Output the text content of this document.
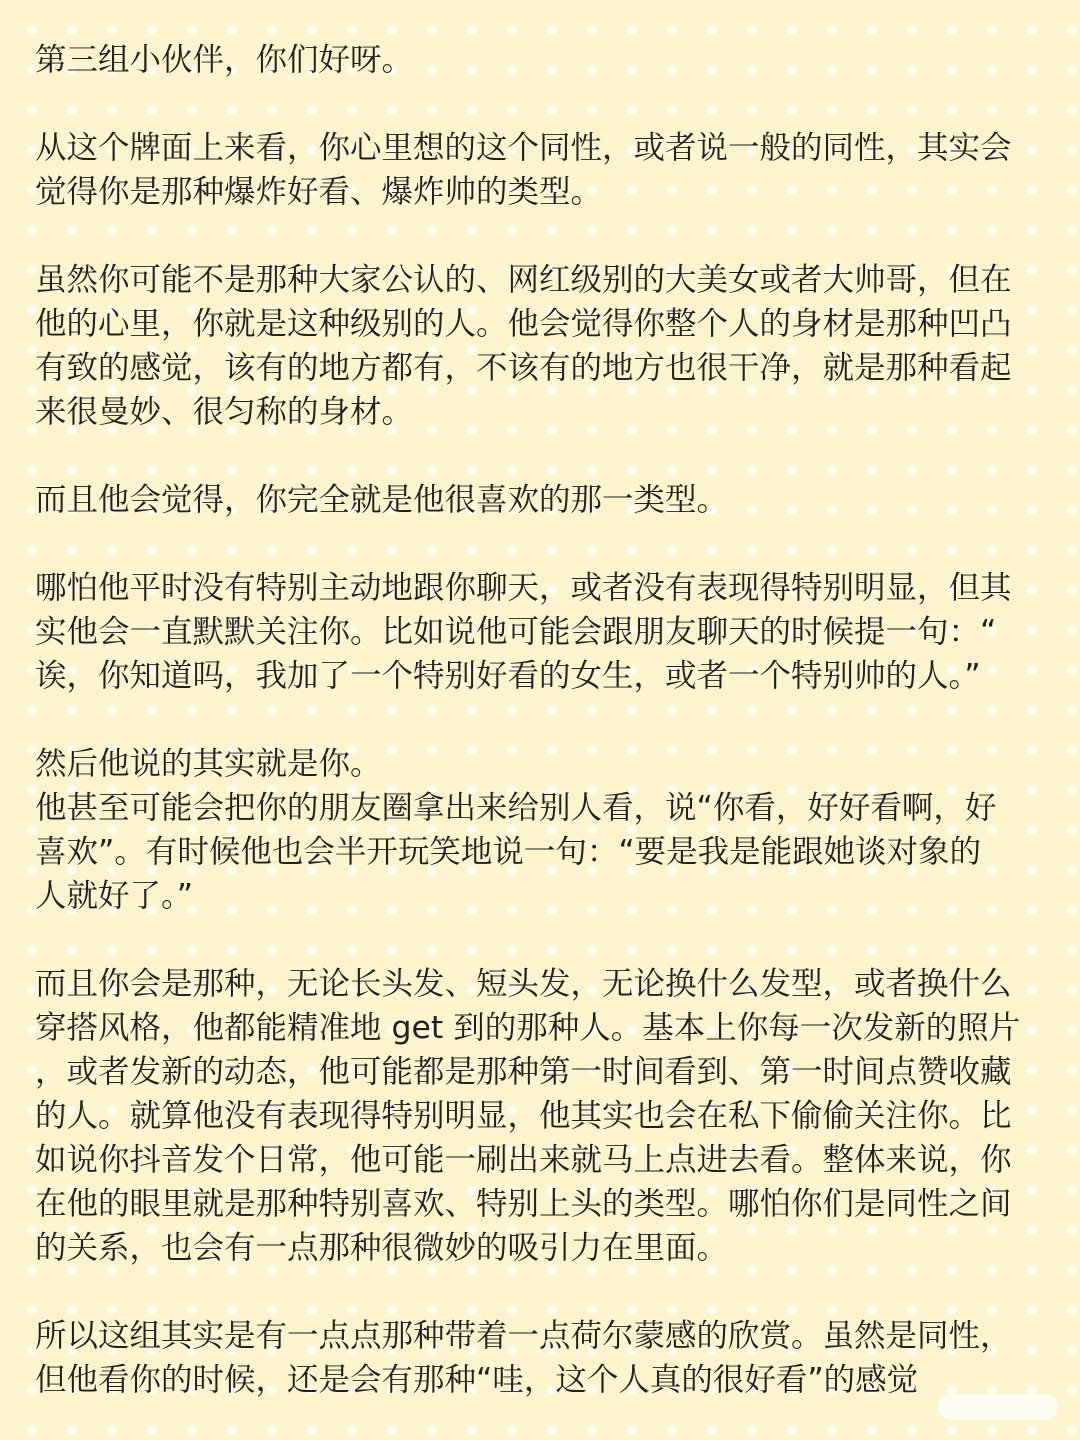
第三组小伙伴，你们好呀。
从这个牌面上来看，你心里想的这个同性，或者说一般的同性，其实会
觉得你是那种爆炸好看、爆炸帅的类型。
虽然你可能不是那种大家公认的、网红级别的大美女或者大帅哥，但在
他的心里，你就是这种级别的人。他会觉得你整个人的身材是那种凹凸
有致的感觉，该有的地方都有，不该有的地方也很干净，就是那种看起
来很曼妙、很匀称的身材。
而且他会觉得，你完全就是他很喜欢的那一类型。
哪怕他平时没有特别主动地跟你聊天，或者没有表现得特别明显，但其
实他会一直默默关注你。比如说他可能会跟朋友聊天的时候提一句：“
诶，你知道吗，我加了一个特别好看的女生，或者一个特别帅的人。”
然后他说的其实就是你。
他甚至可能会把你的朋友圈拿出来给别人看，说“你看，好好看啊，好
喜欢”。有时候他也会半开玩笑地说一句：“要是我是能跟她谈对象的
人就好了。”
而且你会是那种，无论长头发、短头发，无论换什么发型，或者换什么
穿搭风格，他都能精准地 get 到的那种人。基本上你每一次发新的照片
，或者发新的动态，他可能都是那种第一时间看到、第一时间点赞收藏
的人。就算他没有表现得特别明显，他其实也会在私下偷偷关注你。比
如说你抖音发个日常，他可能一刷出来就马上点进去看。整体来说，你
在他的眼里就是那种特别喜欢、特别上头的类型。哪怕你们是同性之间
的关系，也会有一点那种很微妙的吸引力在里面。
所以这组其实是有一点点那种带着一点荷尔蒙感的欣赏。虽然是同性，
但他看你的时候，还是会有那种“哇，这个人真的很好看”的感觉
